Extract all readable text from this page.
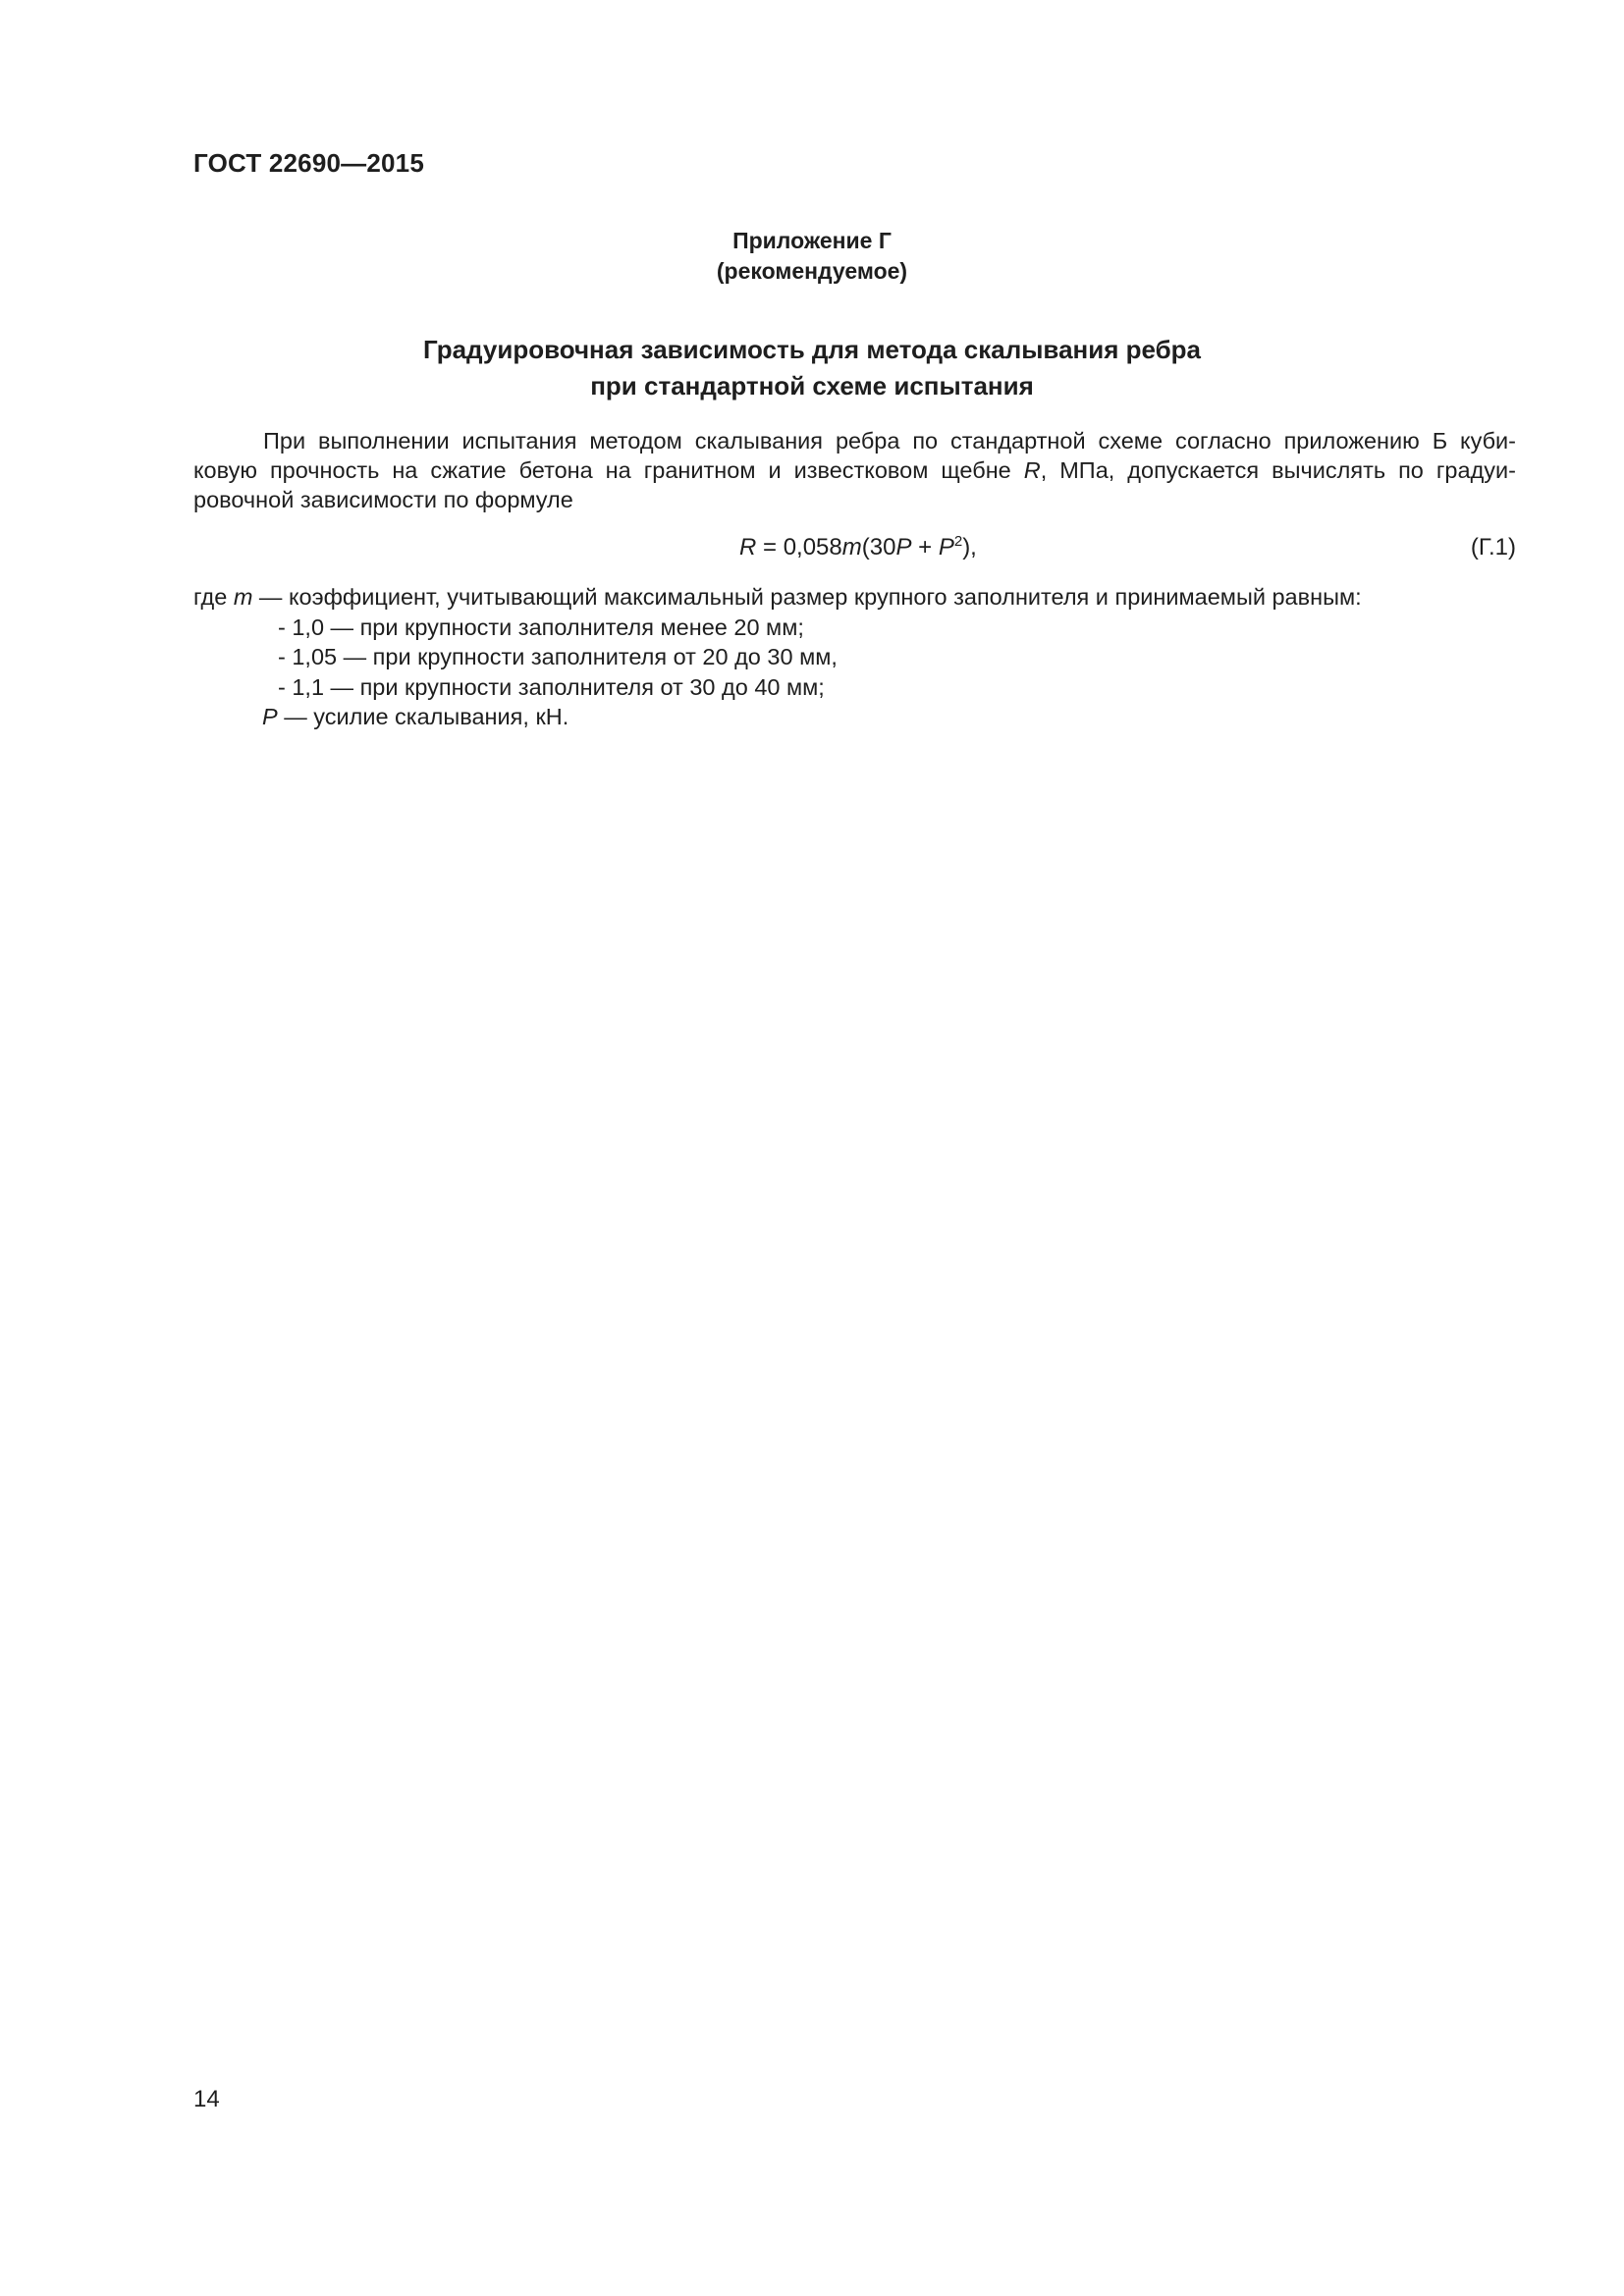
ГОСТ 22690—2015
Приложение Г
(рекомендуемое)
Градуировочная зависимость для метода скалывания ребра
при стандартной схеме испытания
При выполнении испытания методом скалывания ребра по стандартной схеме согласно приложению Б куби-
ковую прочность на сжатие бетона на гранитном и известковом щебне R, МПа, допускается вычислять по градуи-
ровочной зависимости по формуле
$R = 0,058m(30P + P^2)$,	(Г.1)
где m — коэффициент, учитывающий максимальный размер крупного заполнителя и принимаемый равным:
- 1,0 — при крупности заполнителя менее 20 мм;
- 1,05 — при крупности заполнителя от 20 до 30 мм,
- 1,1 — при крупности заполнителя от 30 до 40 мм;
P — усилие скалывания, кН.
14
